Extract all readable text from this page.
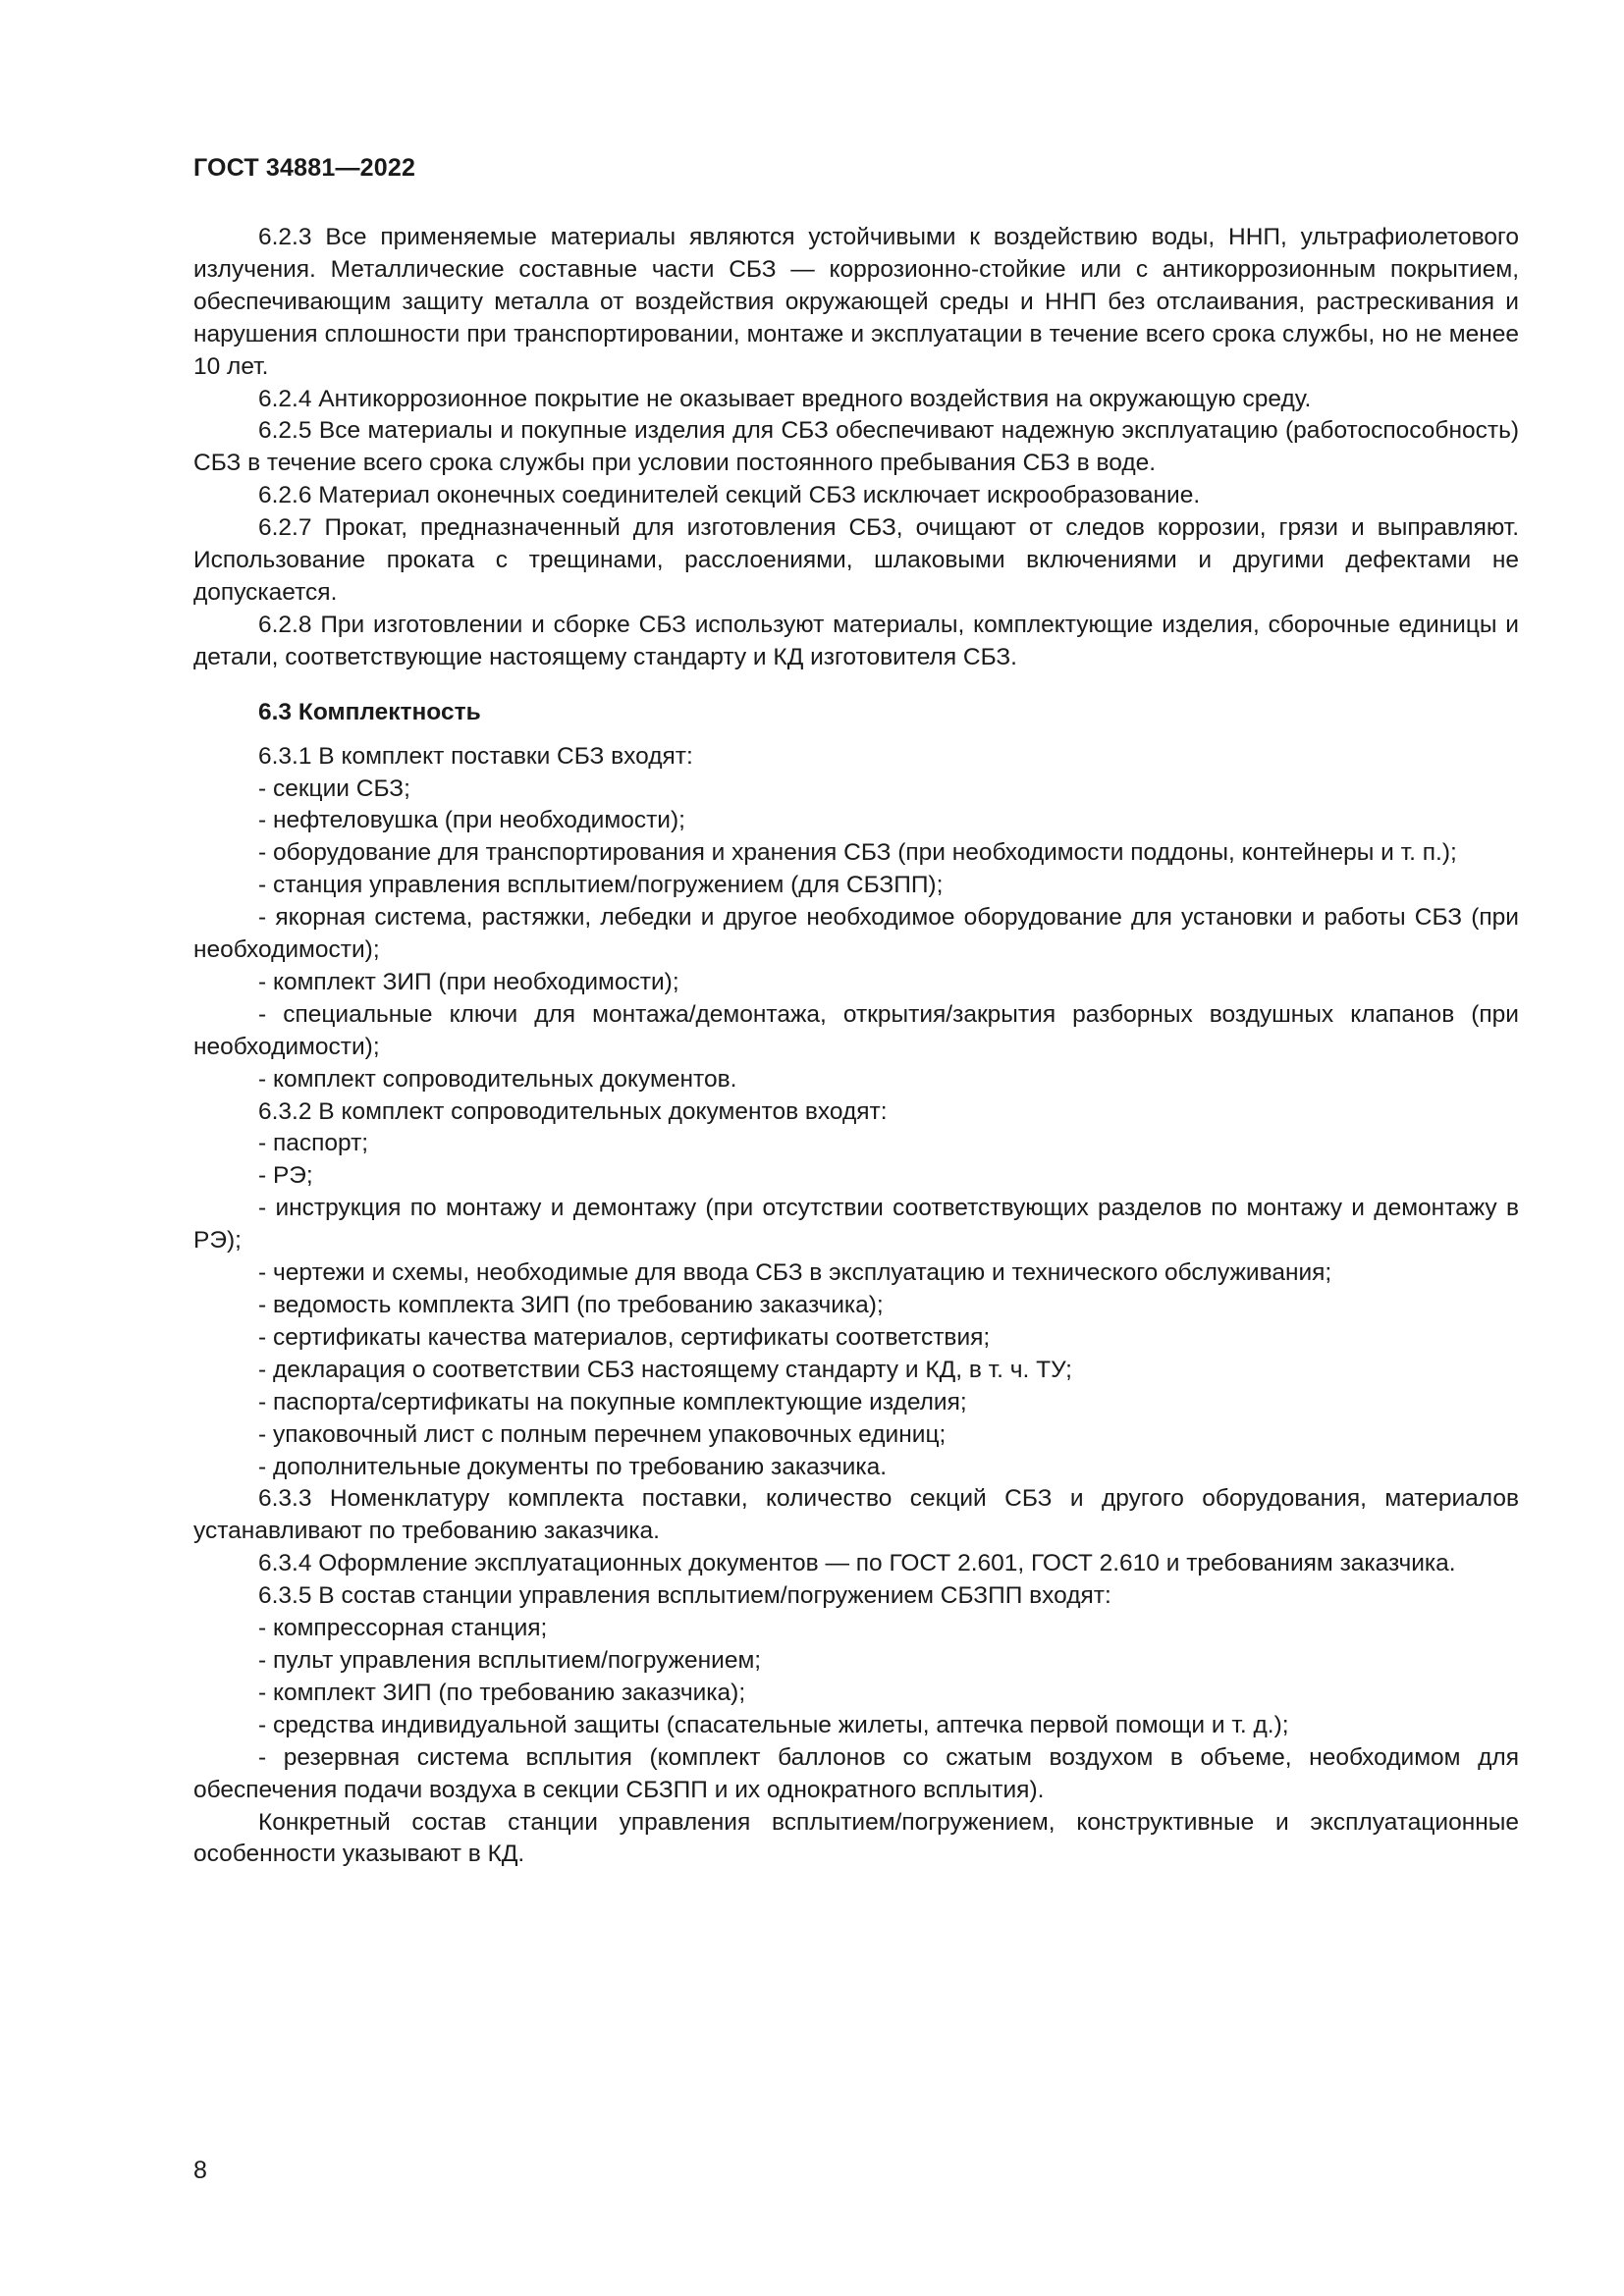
ГОСТ 34881—2022

6.2.3 Все применяемые материалы являются устойчивыми к воздействию воды, ННП, ультрафиолетового излучения. Металлические составные части СБЗ — коррозионно-стойкие или с антикоррозионным покрытием, обеспечивающим защиту металла от воздействия окружающей среды и ННП без отслаивания, растрескивания и нарушения сплошности при транспортировании, монтаже и эксплуатации в течение всего срока службы, но не менее 10 лет.

6.2.4 Антикоррозионное покрытие не оказывает вредного воздействия на окружающую среду.

6.2.5 Все материалы и покупные изделия для СБЗ обеспечивают надежную эксплуатацию (работоспособность) СБЗ в течение всего срока службы при условии постоянного пребывания СБЗ в воде.

6.2.6 Материал оконечных соединителей секций СБЗ исключает искрообразование.

6.2.7 Прокат, предназначенный для изготовления СБЗ, очищают от следов коррозии, грязи и выправляют. Использование проката с трещинами, расслоениями, шлаковыми включениями и другими дефектами не допускается.

6.2.8 При изготовлении и сборке СБЗ используют материалы, комплектующие изделия, сборочные единицы и детали, соответствующие настоящему стандарту и КД изготовителя СБЗ.

6.3 Комплектность

6.3.1 В комплект поставки СБЗ входят:

- секции СБЗ;

- нефтеловушка (при необходимости);

- оборудование для транспортирования и хранения СБЗ (при необходимости поддоны, контейнеры и т. п.);

- станция управления всплытием/погружением (для СБЗПП);

- якорная система, растяжки, лебедки и другое необходимое оборудование для установки и работы СБЗ (при необходимости);

- комплект ЗИП (при необходимости);

- специальные ключи для монтажа/демонтажа, открытия/закрытия разборных воздушных клапанов (при необходимости);

- комплект сопроводительных документов.

6.3.2 В комплект сопроводительных документов входят:

- паспорт;

- РЭ;

- инструкция по монтажу и демонтажу (при отсутствии соответствующих разделов по монтажу и демонтажу в РЭ);

- чертежи и схемы, необходимые для ввода СБЗ в эксплуатацию и технического обслуживания;

- ведомость комплекта ЗИП (по требованию заказчика);

- сертификаты качества материалов, сертификаты соответствия;

- декларация о соответствии СБЗ настоящему стандарту и КД, в т. ч. ТУ;

- паспорта/сертификаты на покупные комплектующие изделия;

- упаковочный лист с полным перечнем упаковочных единиц;

- дополнительные документы по требованию заказчика.

6.3.3 Номенклатуру комплекта поставки, количество секций СБЗ и другого оборудования, материалов устанавливают по требованию заказчика.

6.3.4 Оформление эксплуатационных документов — по ГОСТ 2.601, ГОСТ 2.610 и требованиям заказчика.

6.3.5 В состав станции управления всплытием/погружением СБЗПП входят:

- компрессорная станция;

- пульт управления всплытием/погружением;

- комплект ЗИП (по требованию заказчика);

- средства индивидуальной защиты (спасательные жилеты, аптечка первой помощи и т. д.);

- резервная система всплытия (комплект баллонов со сжатым воздухом в объеме, необходимом для обеспечения подачи воздуха в секции СБЗПП и их однократного всплытия).

Конкретный состав станции управления всплытием/погружением, конструктивные и эксплуатационные особенности указывают в КД.

8
